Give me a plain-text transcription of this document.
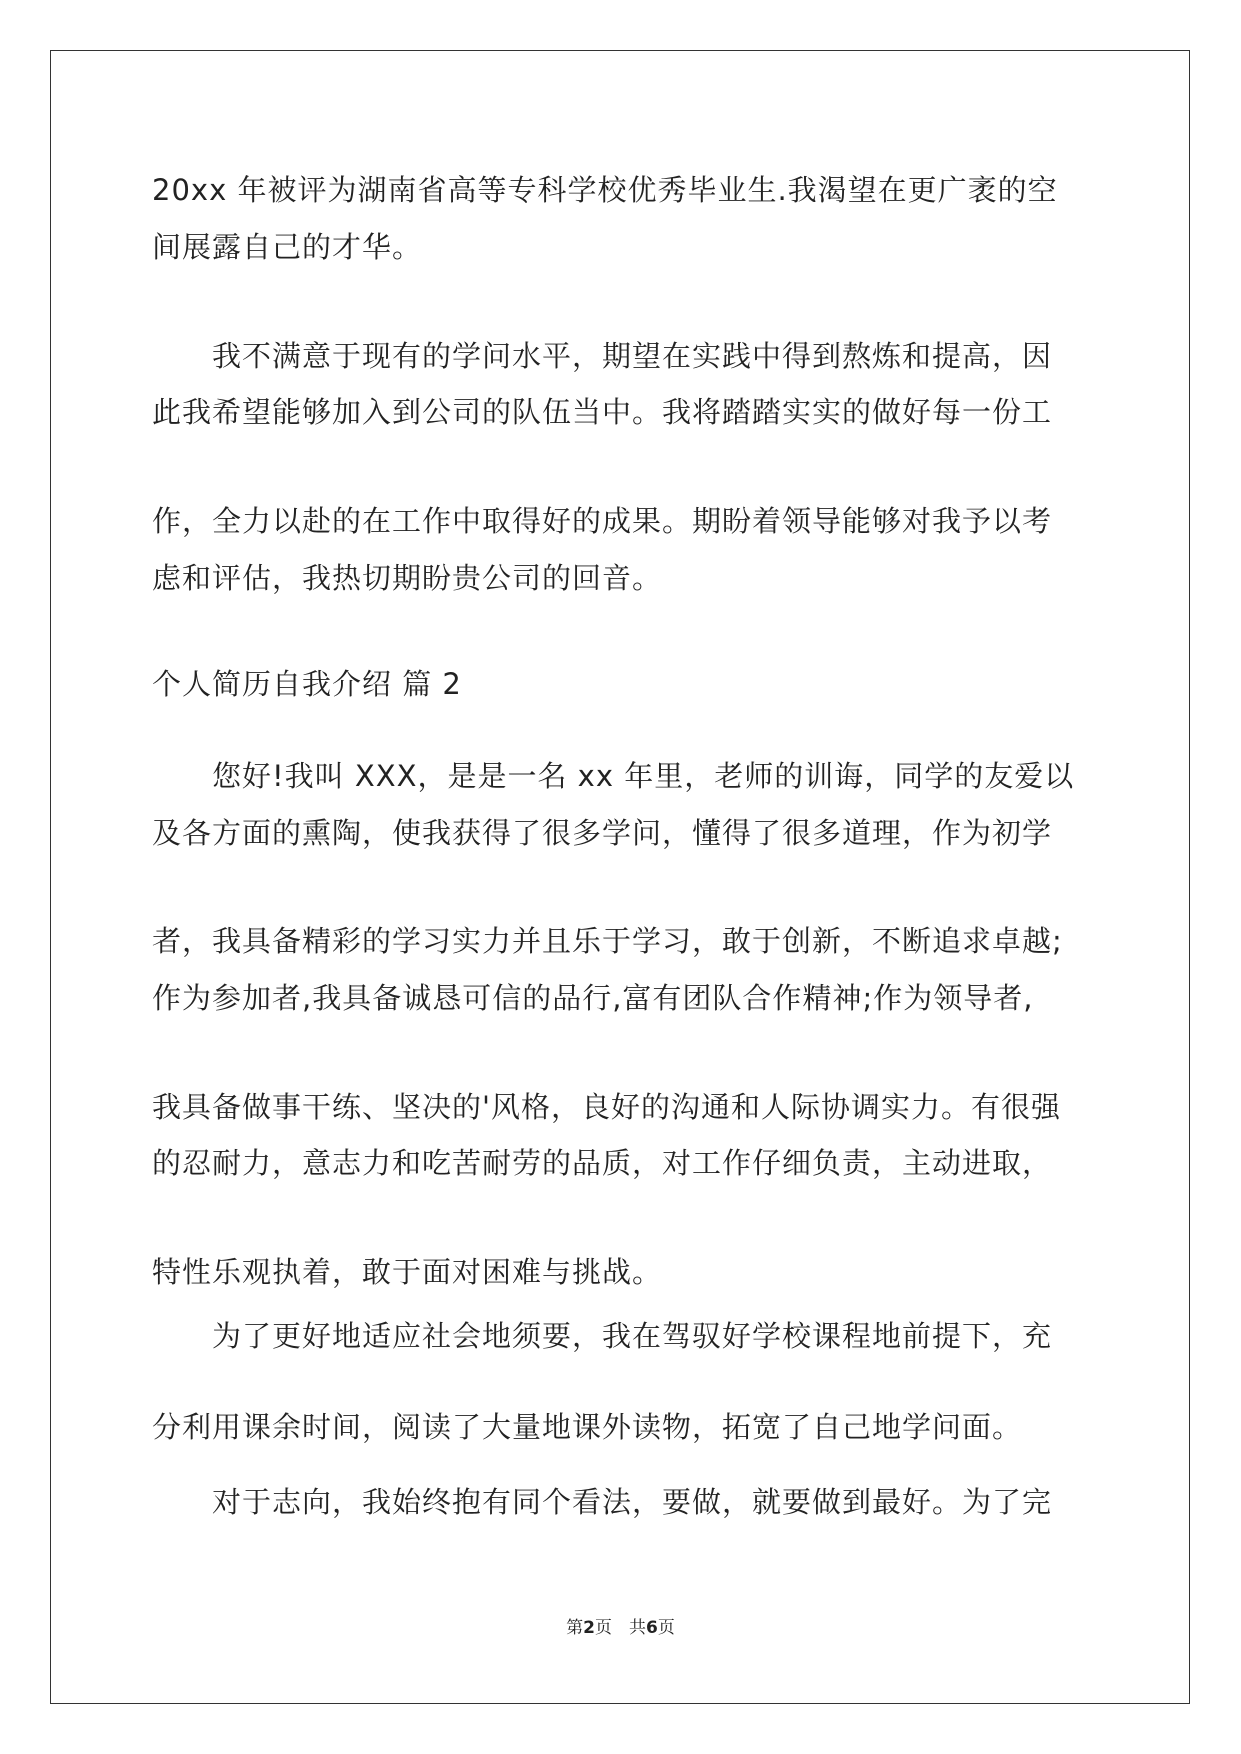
20xx 年被评为湖南省高等专科学校优秀毕业生.我渴望在更广袤的空
间展露自己的才华。
我不满意于现有的学问水平，期望在实践中得到熬炼和提高，因
此我希望能够加入到公司的队伍当中。我将踏踏实实的做好每一份工
作，全力以赴的在工作中取得好的成果。期盼着领导能够对我予以考
虑和评估，我热切期盼贵公司的回音。
个人简历自我介绍 篇 2
您好!我叫 XXX，是是一名 xx 年里，老师的训诲，同学的友爱以
及各方面的熏陶，使我获得了很多学问，懂得了很多道理，作为初学
者，我具备精彩的学习实力并且乐于学习，敢于创新，不断追求卓越;
作为参加者,我具备诚恳可信的品行,富有团队合作精神;作为领导者,
我具备做事干练、坚决的'风格，良好的沟通和人际协调实力。有很强
的忍耐力，意志力和吃苦耐劳的品质，对工作仔细负责，主动进取，
特性乐观执着，敢于面对困难与挑战。
为了更好地适应社会地须要，我在驾驭好学校课程地前提下，充
分利用课余时间，阅读了大量地课外读物，拓宽了自己地学问面。
对于志向，我始终抱有同个看法，要做，就要做到最好。为了完
第2页　共6页
